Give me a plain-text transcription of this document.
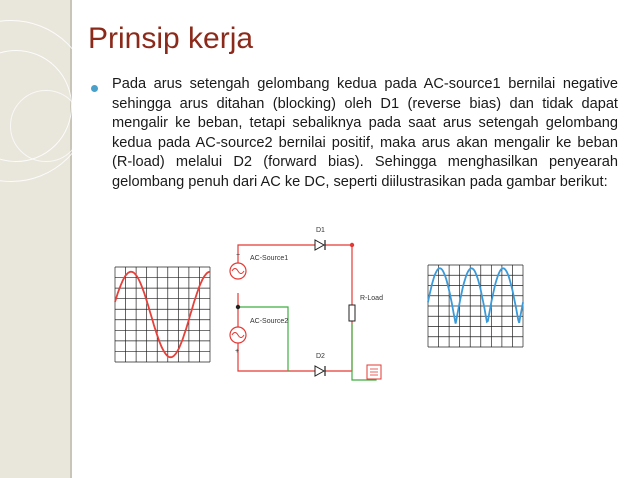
Prinsip kerja

Pada arus setengah gelombang kedua pada AC-source1 bernilai negative sehingga arus ditahan (blocking) oleh D1 (reverse bias) dan tidak dapat mengalir ke beban, tetapi sebaliknya pada saat arus setengah gelombang kedua pada AC-source2 bernilai positif, maka arus akan mengalir ke beban (R-load) melalui D2 (forward bias). Sehingga menghasilkan penyearah gelombang penuh dari AC ke DC, seperti diilustrasikan pada gambar berikut:

D1
D2
AC-Source1
−
AC-Source2
+
R-Load
